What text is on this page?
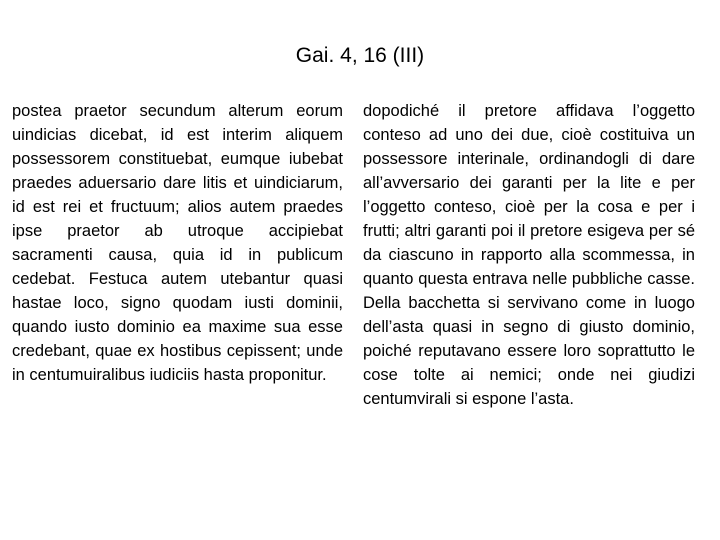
Gai. 4, 16 (III)

postea praetor secundum alterum eorum uindicias dicebat, id est interim aliquem possessorem constituebat, eumque iubebat praedes aduersario dare litis et uindiciarum, id est rei et fructuum; alios autem praedes ipse praetor ab utroque accipiebat sacramenti causa, quia id in publicum cedebat. Festuca autem utebantur quasi hastae loco, signo quodam iusti dominii, quando iusto dominio ea maxime sua esse credebant, quae ex hostibus cepissent; unde in centumuiralibus iudiciis hasta proponitur.

dopodiché il pretore affidava l’oggetto conteso ad uno dei due, cioè costituiva un possessore interinale, ordinandogli di dare all’avversario dei garanti per la lite e per l’oggetto conteso, cioè per la cosa e per i frutti; altri garanti poi il pretore esigeva per sé da ciascuno in rapporto alla scommessa, in quanto questa entrava nelle pubbliche casse. Della bacchetta si servivano come in luogo dell’asta quasi in segno di giusto dominio, poiché reputavano essere loro soprattutto le cose tolte ai nemici; onde nei giudizi centumvirali si espone l’asta.
